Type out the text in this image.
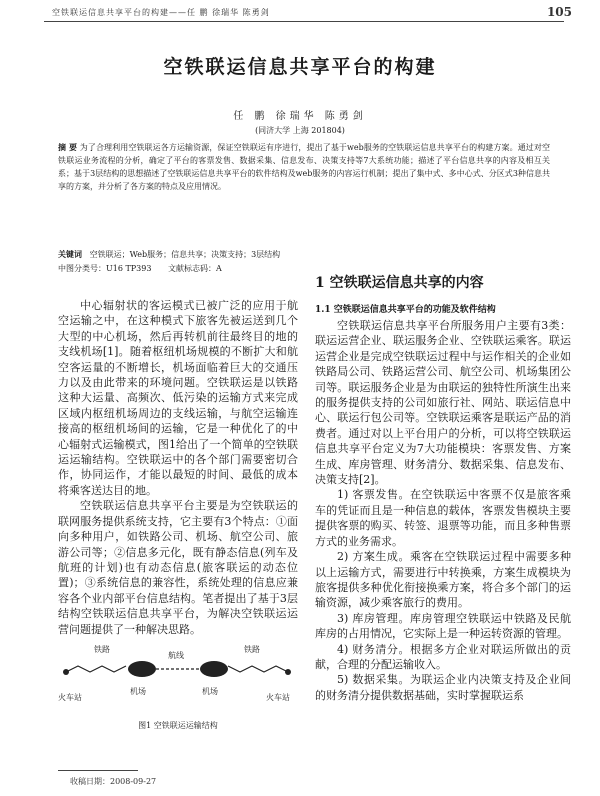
空铁联运信息共享平台的构建——任 鹏 徐瑞华 陈勇剑	105
空铁联运信息共享平台的构建
任 鹏 徐瑞华 陈勇剑
(同济大学 上海 201804)
摘 要 为了合理利用空铁联运各方运输资源，保证空铁联运有序进行，提出了基于web服务的空铁联运信息共享平台的构建方案。通过对空铁联运业务流程的分析，确定了平台的客票发售、数据采集、信息发布、决策支持等7大系统功能；描述了平台信息共享的内容及相互关系；基于3层结构的思想描述了空铁联运信息共享平台的软件结构及web服务的内容运行机制；提出了集中式、多中心式、分区式3种信息共享的方案，并分析了各方案的特点及应用情况。
关键词 空铁联运；Web服务；信息共享；决策支持；3层结构
中图分类号：U16 TP393 文献标志码：A

中心辐射状的客运模式已被广泛的应用于航空运输之中，在这种模式下旅客先被运送到几个大型的中心机场，然后再转机前往最终目的地的支线机场[1]。随着枢纽机场规模的不断扩大和航空客运量的不断增长，机场面临着巨大的交通压力以及由此带来的环境问题。空铁联运是以铁路这种大运量、高频次、低污染的运输方式来完成区域内枢纽机场周边的支线运输，与航空运输连接高的枢纽机场间的运输，它是一种优化了的中心辐射式运输模式，图1给出了一个简单的空铁联运运输结构。空铁联运中的各个部门需要密切合作，协同运作，才能以最短的时间、最低的成本将乘客送达目的地。

空铁联运信息共享平台主要是为空铁联运的联网服务提供系统支持，它主要有3个特点：①面向多种用户，如铁路公司、机场、航空公司、旅游公司等；②信息多元化，既有静态信息(列车及航班的计划)也有动态信息(旅客联运的动态位置)；③系统信息的兼容性，系统处理的信息应兼容各个业内部平台信息结构。笔者提出了基于3层结构空铁联运信息共享平台，为解决空铁联运运营问题提供了一种解决思路。

火车站
铁路
机场
航线
机场
铁路
火车站
图1 空铁联运运输结构
1 空铁联运信息共享的内容
1.1 空铁联运信息共享平台的功能及软件结构

空铁联运信息共享平台所服务用户主要有3类：联运运营企业、联运服务企业、空铁联运乘客。联运运营企业是完成空铁联运过程中与运作相关的企业如铁路局公司、铁路运营公司、航空公司、机场集团公司等。联运服务企业是为由联运的独特性所演生出来的服务提供支持的公司如旅行社、网站、联运信息中心、联运行包公司等。空铁联运乘客是联运产品的消费者。通过对以上平台用户的分析，可以将空铁联运信息共享平台定义为7大功能模块：客票发售、方案生成、库房管理、财务清分、数据采集、信息发布、决策支持[2]。

1) 客票发售。在空铁联运中客票不仅是旅客乘车的凭证而且是一种信息的载体，客票发售模块主要提供客票的购买、转签、退票等功能，而且多种售票方式的业务需求。

2) 方案生成。乘客在空铁联运过程中需要多种以上运输方式，需要进行中转换乘，方案生成模块为旅客提供多种优化衔接换乘方案，将合多个部门的运输资源，减少乘客旅行的费用。

3) 库房管理。库房管理空铁联运中铁路及民航库房的占用情况，它实际上是一种运转资源的管理。

4) 财务清分。根据多方企业对联运所做出的贡献，合理的分配运输收入。

5) 数据采集。为联运企业内决策支持及企业间的财务清分提供数据基础，实时掌握联运系

收稿日期：2008-09-27
